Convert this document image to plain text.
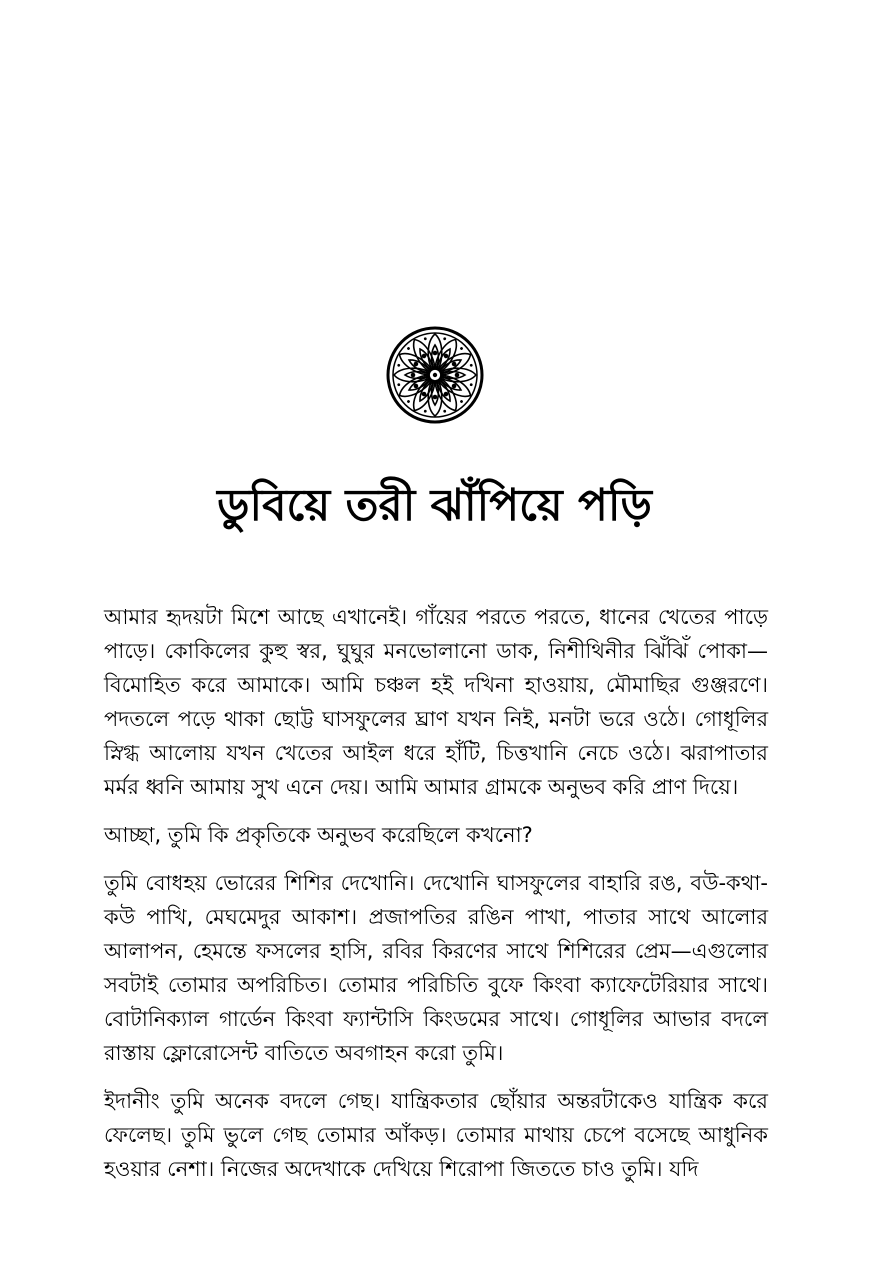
ডুবিয়ে তরী ঝাঁপিয়ে পড়ি

আমার হৃদয়টা মিশে আছে এখানেই। গাঁয়ের পরতে পরতে, ধানের খেতের পাড়ে পাড়ে। কোকিলের কুহু স্বর, ঘুঘুর মনভোলানো ডাক, নিশীথিনীর ঝিঁঝিঁ পোকা—বিমোহিত করে আমাকে। আমি চঞ্চল হই দখিনা হাওয়ায়, মৌমাছির গুঞ্জরণে। পদতলে পড়ে থাকা ছোট্ট ঘাসফুলের ঘ্রাণ যখন নিই, মনটা ভরে ওঠে। গোধূলির স্নিগ্ধ আলোয় যখন খেতের আইল ধরে হাঁটি, চিত্তখানি নেচে ওঠে। ঝরাপাতার মর্মর ধ্বনি আমায় সুখ এনে দেয়। আমি আমার গ্রামকে অনুভব করি প্রাণ দিয়ে।

আচ্ছা, তুমি কি প্রকৃতিকে অনুভব করেছিলে কখনো?

তুমি বোধহয় ভোরের শিশির দেখোনি। দেখোনি ঘাসফুলের বাহারি রঙ, বউ-কথা-কউ পাখি, মেঘমেদুর আকাশ। প্রজাপতির রঙিন পাখা, পাতার সাথে আলোর আলাপন, হেমন্তে ফসলের হাসি, রবির কিরণের সাথে শিশিরের প্রেম—এগুলোর সবটাই তোমার অপরিচিত। তোমার পরিচিতি বুফে কিংবা ক্যাফেটেরিয়ার সাথে। বোটানিক্যাল গার্ডেন কিংবা ফ্যান্টাসি কিংডমের সাথে। গোধূলির আভার বদলে রাস্তায় ফ্লোরোসেন্ট বাতিতে অবগাহন করো তুমি।

ইদানীং তুমি অনেক বদলে গেছ। যান্ত্রিকতার ছোঁয়ার অন্তরটাকেও যান্ত্রিক করে ফেলেছ। তুমি ভুলে গেছ তোমার আঁকড়। তোমার মাথায় চেপে বসেছে আধুনিক হওয়ার নেশা। নিজের অদেখাকে দেখিয়ে শিরোপা জিততে চাও তুমি। যদি
